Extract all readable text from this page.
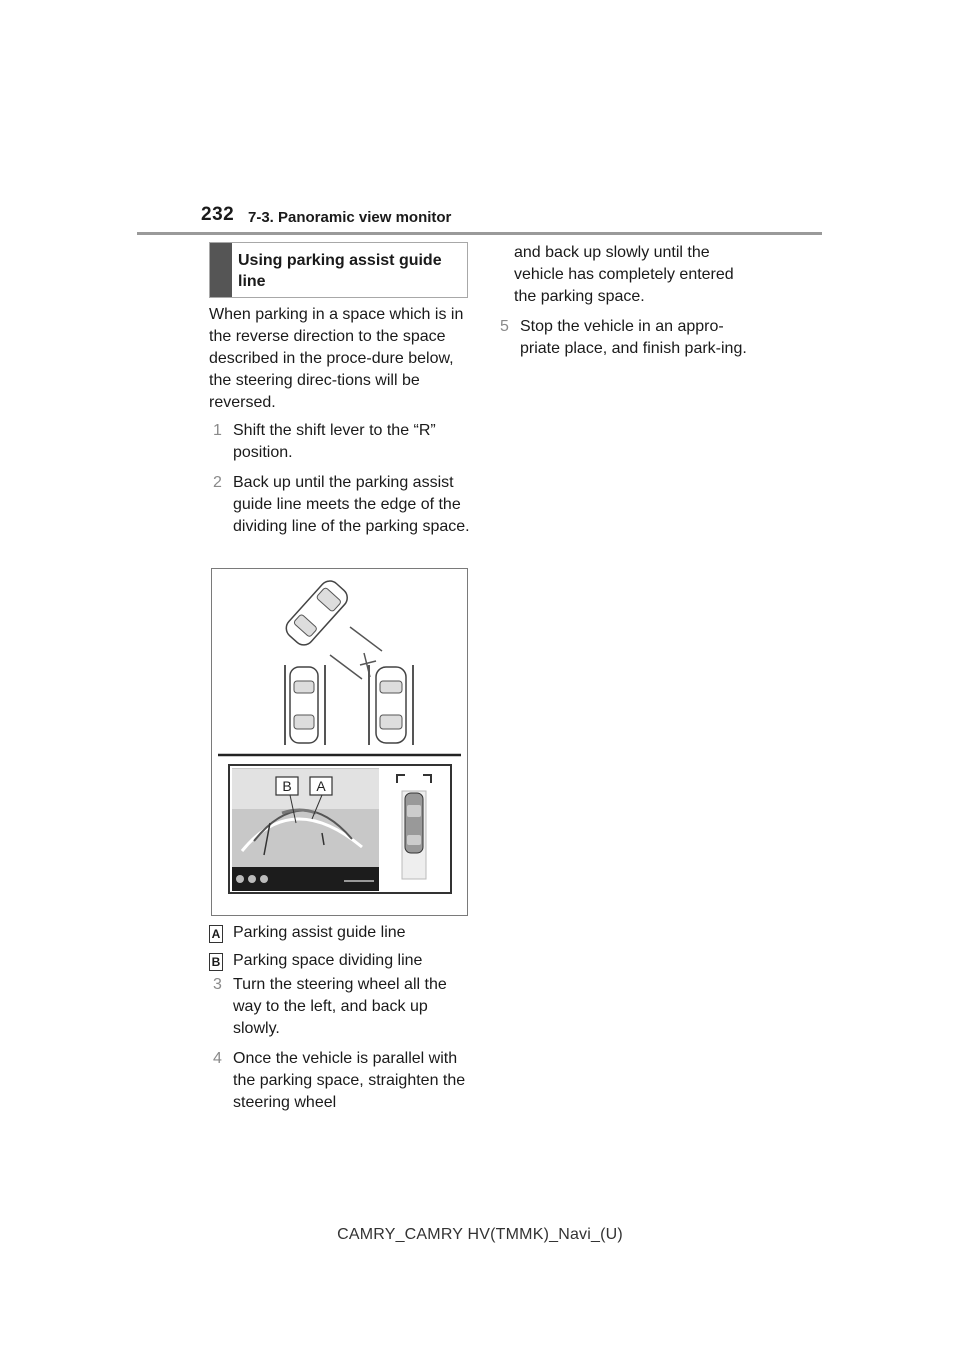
232 7-3. Panoramic view monitor
Using parking assist guide line

When parking in a space which is in the reverse direction to the space described in the proce-dure below, the steering direc-tions will be reversed.

1 Shift the shift lever to the “R” position.
2 Back up until the parking assist guide line meets the edge of the dividing line of the parking space.
B A
A Parking assist guide line
B Parking space dividing line
3 Turn the steering wheel all the way to the left, and back up slowly.
4 Once the vehicle is parallel with the parking space, straighten the steering wheel

and back up slowly until the vehicle has completely entered the parking space.

5 Stop the vehicle in an appro-priate place, and finish park-ing.
CAMRY_CAMRY HV(TMMK)_Navi_(U)
